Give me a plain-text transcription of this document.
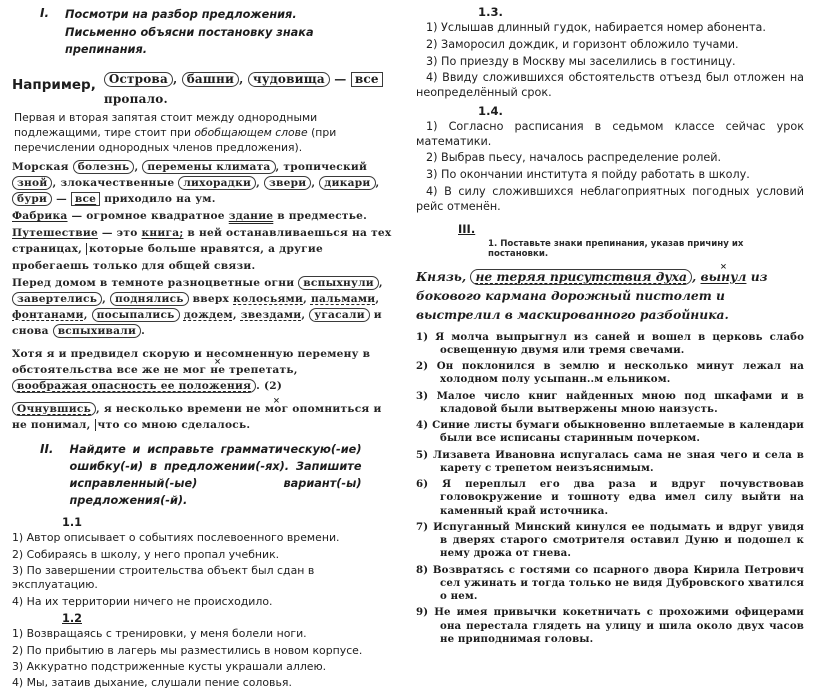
I. Посмотри на разбор предложения.
Письменно объясни постановку знака препинания.
Например,	Острова , башни , чудовища — все пропало.

Первая и вторая запятая стоит между однородными подлежащими, тире стоит при обобщающем слове (при перечислении однородных членов предложения).

Морская болезнь , перемены климата , тропический зной , злокачественные лихорадки , звери , дикари , бури — все приходило на ум.

Фабрика — огромное квадратное здание в предместье.

Путешествие — это книга; в ней останавливаешься на тех страницах, которые больше нравятся, а другие пробегаешь только для общей связи.

Перед домом в темноте разноцветные огни вспыхнули , завертелись , поднялись вверх колосьями, пальмами, фонтанами, посыпались дождем, звездами, угасали и снова вспыхивали .

Хотя я и предвидел скорую и несомненную перемену в обстоятельства все же не мог не × трепетать, воображая опасность ее положения . (2)

Очнувшись , я несколько времени не мог × опомниться и не понимал, что со мною сделалось.

II. Найдите и исправьте грамматическую(-ие) ошибку(-и) в предложении(-ях). Запишите исправленный(-ые) вариант(-ы) предложения(-й).

1.1

1) Автор описывает о событиях послевоенного времени.

2) Собираясь в школу, у него пропал учебник.

3) По завершении строительства объект был сдан в эксплуатацию.

4) На их территории ничего не происходило.

1.2

1) Возвращаясь с тренировки, у меня болели ноги.

2) По прибытию в лагерь мы разместились в новом корпусе.

3) Аккуратно подстриженные кусты украшали аллею.

4) Мы, затаив дыхание, слушали пение соловья.

1.3.

1) Услышав длинный гудок, набирается номер абонента.

2) Заморосил дождик, и горизонт обложило тучами.

3) По приезду в Москву мы заселились в гостиницу.

4) Ввиду сложившихся обстоятельств отъезд был отложен на неопределённый срок.

1.4.

1) Согласно расписания в седьмом классе сейчас урок математики.

2) Выбрав пьесу, началось распределение ролей.

3) По окончании института я пойду работать в школу.

4) В силу сложившихся неблагоприятных погодных условий рейс отменён.

III.
1. Поставьте знаки препинания, указав причину их постановки.

Князь, не теряя присутствия духа , вынул × из бокового кармана дорожный пистолет и выстрелил в маскированного разбойника.

1) Я молча выпрыгнул из саней и вошел в церковь слабо освещенную двумя или тремя свечами.

2) Он поклонился в землю и несколько минут лежал на холодном полу усыпанн..м ельником.

3) Малое число книг найденных мною под шкафами и в кладовой были вытвержены мною наизусть.

4) Синие листы бумаги обыкновенно вплетаемые в календари были все исписаны старинным почерком.

5) Лизавета Ивановна испугалась сама не зная чего и села в карету с трепетом неизъяснимым.

6) Я переплыл его два раза и вдруг почувствовав головокружение и тошноту едва имел силу выйти на каменный край источника.

7) Испуганный Минский кинулся ее подымать и вдруг увидя в дверях старого смотрителя оставил Дуню и подошел к нему дрожа от гнева.

8) Возвратясь с гостями со псарного двора Кирила Петрович сел ужинать и тогда только не видя Дубровского хватился о нем.

9) Не имея привычки кокетничать с прохожими офицерами она перестала глядеть на улицу и шила около двух часов не приподнимая головы.
